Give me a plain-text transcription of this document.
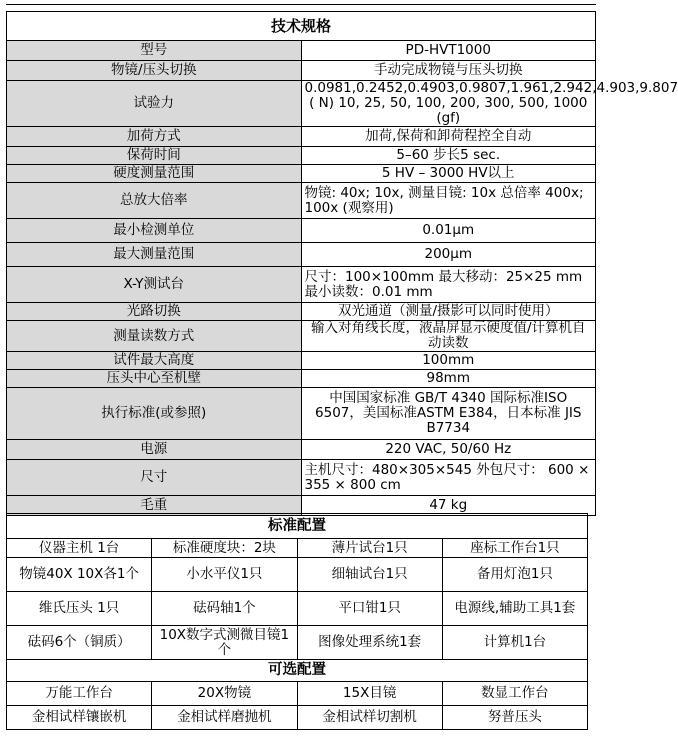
技术规格	
型号	PD-HVT1000
物镜/压头切换	手动完成物镜与压头切换
试验力	0.0981,0.2452,0.4903,0.9807,1.961,2.942,4.903,9.807 ( N) 10, 25, 50, 100, 200, 300, 500, 1000 (gf)
加荷方式	加荷,保荷和卸荷程控全自动
保荷时间	5–60 步长5 sec.
硬度测量范围	5 HV – 3000 HV以上
总放大倍率	物镜: 40x; 10x, 测量目镜: 10x 总倍率 400x; 100x (观察用)
最小检测单位	0.01μm
最大测量范围	200μm
X-Y测试台	尺寸：100×100mm 最大移动：25×25 mm 最小读数：0.01 mm
光路切换	双光通道（测量/摄影可以同时使用）
测量读数方式	输入对角线长度，液晶屏显示硬度值/计算机自动读数
试件最大高度	100mm
压头中心至机壁	98mm
执行标准(或参照)	中国国家标准 GB/T 4340 国际标准ISO 6507，美国标准ASTM E384，日本标准 JIS B7734
电源	220 VAC, 50/60 Hz
尺寸	主机尺寸：480×305×545 外包尺寸： 600 × 355 × 800 cm
毛重	47 kg
标准配置			
仪器主机 1台	标准硬度块：2块	薄片试台1只	座标工作台1只
物镜40X 10X各1个	小水平仪1只	细轴试台1只	备用灯泡1只
维氏压头 1只	砝码轴1个	平口钳1只	电源线,辅助工具1套
砝码6个（铜质）	10X数字式测微目镜1个	图像处理系统1套	计算机1台
可选配置			
万能工作台	20X物镜	15X目镜	数显工作台
金相试样镶嵌机	金相试样磨抛机	金相试样切割机	努普压头
